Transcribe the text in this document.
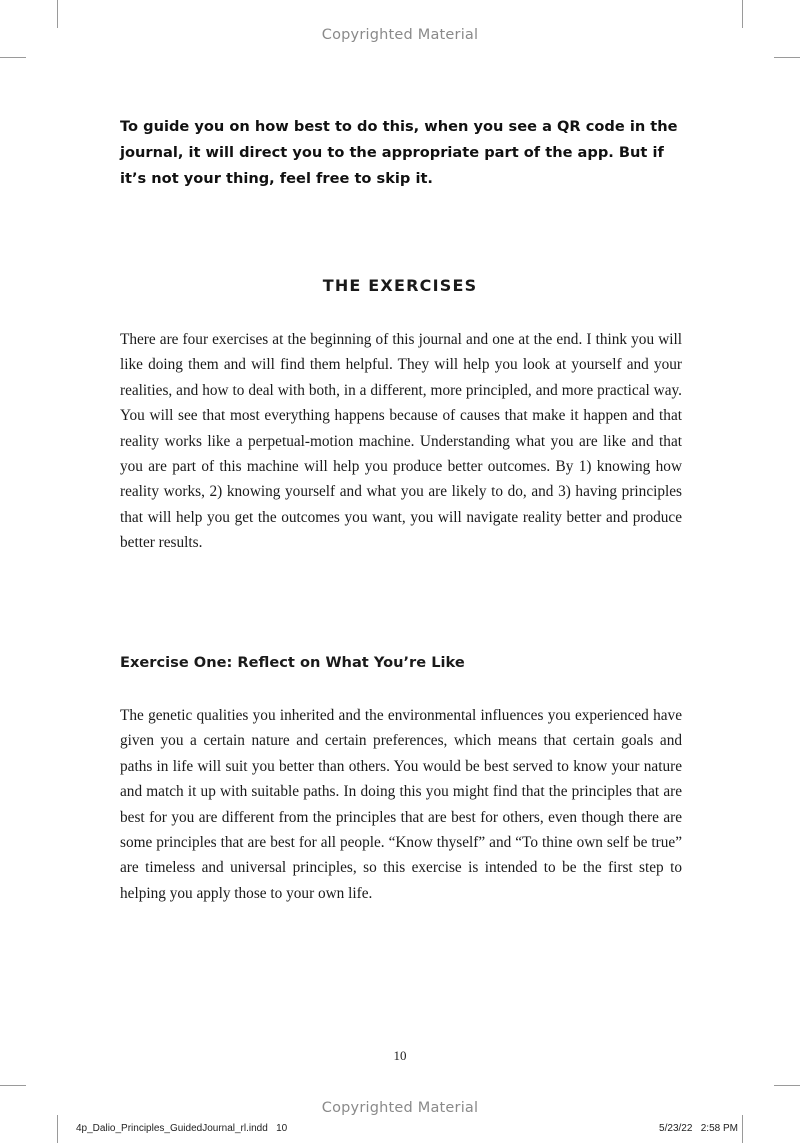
Copyrighted Material

To guide you on how best to do this, when you see a QR code in the journal, it will direct you to the appropriate part of the app. But if it’s not your thing, feel free to skip it.

THE EXERCISES

There are four exercises at the beginning of this journal and one at the end. I think you will like doing them and will find them helpful. They will help you look at yourself and your realities, and how to deal with both, in a different, more principled, and more practical way. You will see that most everything happens because of causes that make it happen and that reality works like a perpetual-motion machine. Understanding what you are like and that you are part of this machine will help you produce better outcomes. By 1) knowing how reality works, 2) knowing yourself and what you are likely to do, and 3) having principles that will help you get the outcomes you want, you will navigate reality better and produce better results.

Exercise One: Reflect on What You’re Like

The genetic qualities you inherited and the environmental influences you experienced have given you a certain nature and certain preferences, which means that certain goals and paths in life will suit you better than others. You would be best served to know your nature and match it up with suitable paths. In doing this you might find that the principles that are best for you are different from the principles that are best for others, even though there are some principles that are best for all people. “Know thyself” and “To thine own self be true” are timeless and universal principles, so this exercise is intended to be the first step to helping you apply those to your own life.

10
Copyrighted Material
4p_Dalio_Principles_GuidedJournal_rl.indd   10	5/23/22   2:58 PM
